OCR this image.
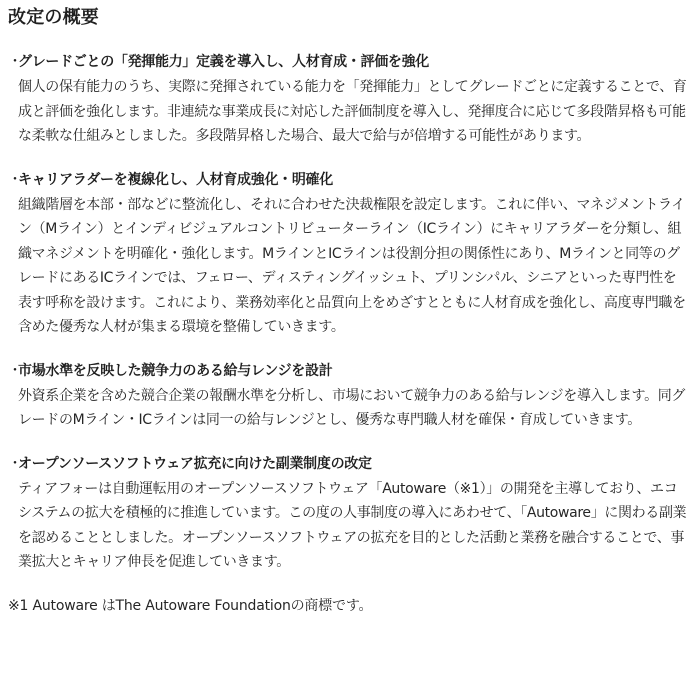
改定の概要
・
グレードごとの「発揮能力」定義を導入し、人材育成・評価を強化
個人の保有能力のうち、実際に発揮されている能力を「発揮能力」としてグレードごとに定義することで、育成と評価を強化します。非連続な事業成長に対応した評価制度を導入し、発揮度合に応じて多段階昇格も可能な柔軟な仕組みとしました。多段階昇格した場合、最大で給与が倍増する可能性があります。
・
キャリアラダーを複線化し、人材育成強化・明確化
組織階層を本部・部などに整流化し、それに合わせた決裁権限を設定します。これに伴い、マネジメントライン（Mライン）とインディビジュアルコントリビューターライン（ICライン）にキャリアラダーを分類し、組織マネジメントを明確化・強化します。MラインとICラインは役割分担の関係性にあり、Mラインと同等のグレードにあるICラインでは、フェロー、ディスティングイッシュト、プリンシパル、シニアといった専門性を表す呼称を設けます。これにより、業務効率化と品質向上をめざすとともに人材育成を強化し、高度専門職を含めた優秀な人材が集まる環境を整備していきます。
・
市場水準を反映した競争力のある給与レンジを設計
外資系企業を含めた競合企業の報酬水準を分析し、市場において競争力のある給与レンジを導入します。同グレードのMライン・ICラインは同一の給与レンジとし、優秀な専門職人材を確保・育成していきます。
・
オープンソースソフトウェア拡充に向けた副業制度の改定
ティアフォーは自動運転用のオープンソースソフトウェア「Autoware（※1）」の開発を主導しており、エコシステムの拡大を積極的に推進しています。この度の人事制度の導入にあわせて、「Autoware」に関わる副業を認めることとしました。オープンソースソフトウェアの拡充を目的とした活動と業務を融合することで、事業拡大とキャリア伸長を促進していきます。
※1 Autoware はThe Autoware Foundationの商標です。
